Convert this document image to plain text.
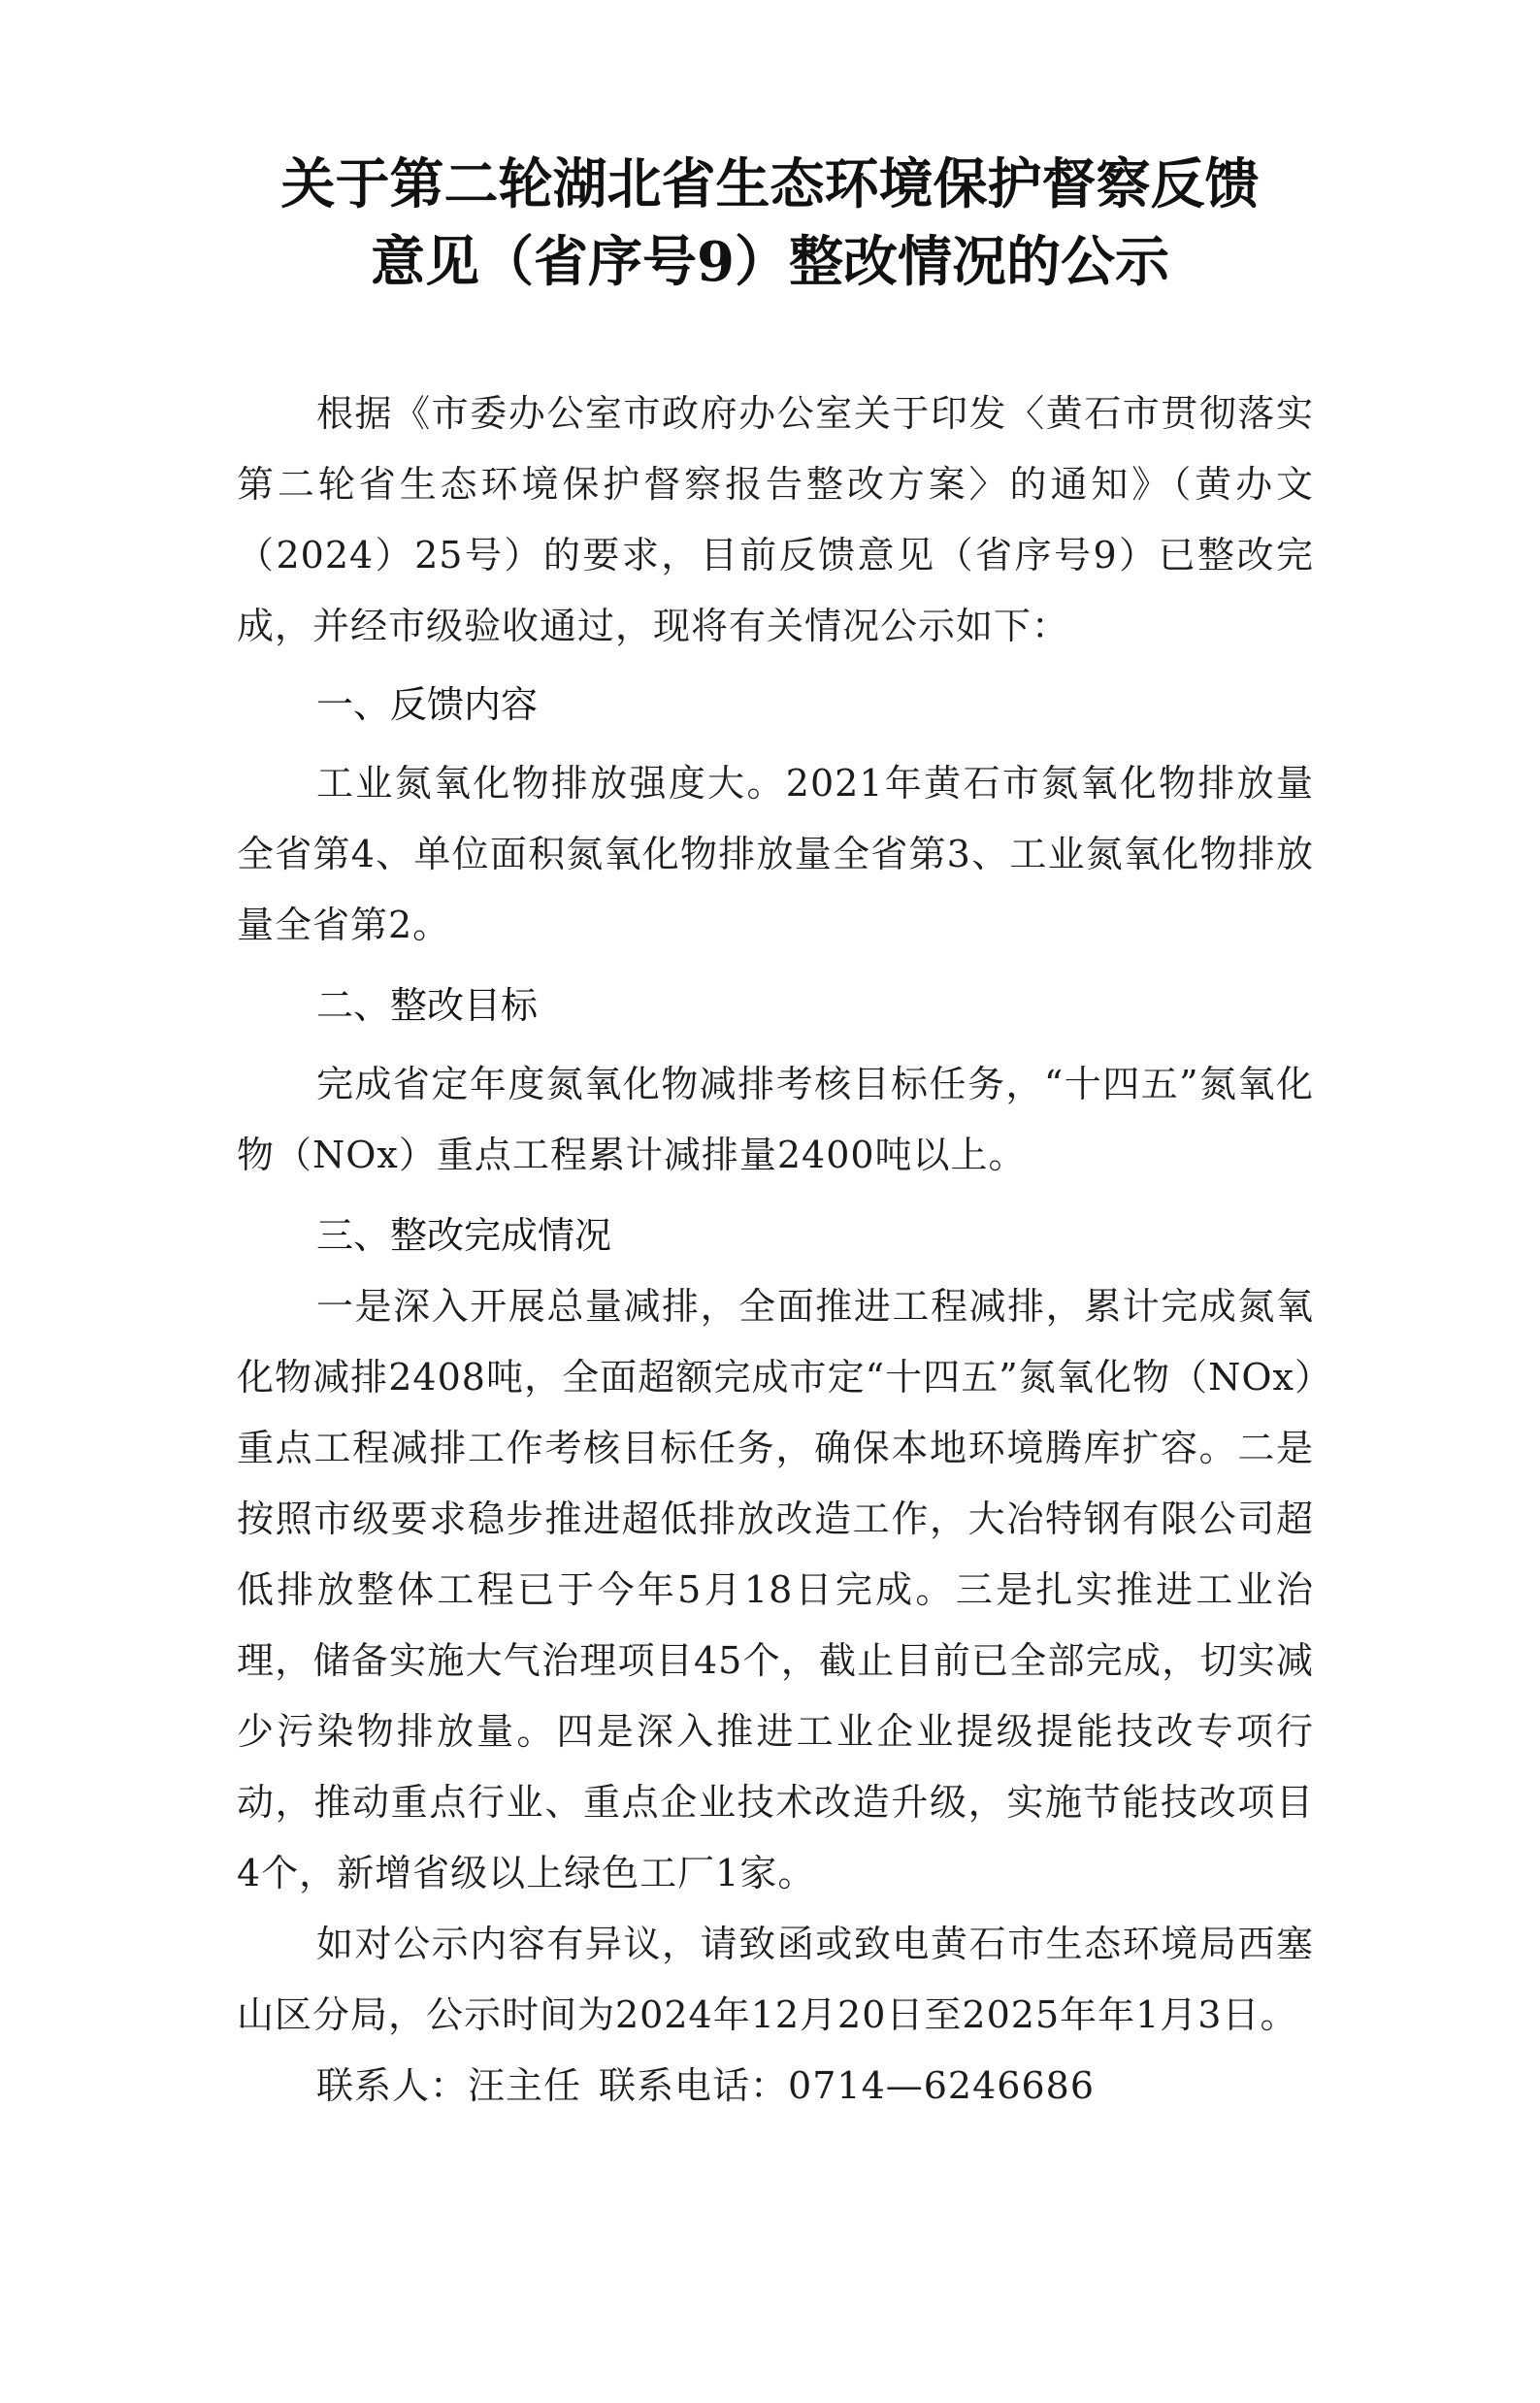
关于第二轮湖北省生态环境保护督察反馈
意见（省序号9）整改情况的公示

根据《市委办公室市政府办公室关于印发〈黄石市贯彻落实第二轮省生态环境保护督察报告整改方案〉的通知》（黄办文（2024）25号）的要求，目前反馈意见（省序号9）已整改完成，并经市级验收通过，现将有关情况公示如下：

一、反馈内容

工业氮氧化物排放强度大。2021年黄石市氮氧化物排放量全省第4、单位面积氮氧化物排放量全省第3、工业氮氧化物排放量全省第2。

二、整改目标

完成省定年度氮氧化物减排考核目标任务，“十四五”氮氧化物（NOx）重点工程累计减排量2400吨以上。

三、整改完成情况

一是深入开展总量减排，全面推进工程减排，累计完成氮氧化物减排2408吨，全面超额完成市定“十四五”氮氧化物（NOx）重点工程减排工作考核目标任务，确保本地环境腾库扩容。二是按照市级要求稳步推进超低排放改造工作，大冶特钢有限公司超低排放整体工程已于今年5月18日完成。三是扎实推进工业治理，储备实施大气治理项目45个，截止目前已全部完成，切实减少污染物排放量。四是深入推进工业企业提级提能技改专项行动，推动重点行业、重点企业技术改造升级，实施节能技改项目4个，新增省级以上绿色工厂1家。

如对公示内容有异议，请致函或致电黄石市生态环境局西塞山区分局，公示时间为2024年12月20日至2025年年1月3日。

联系人：汪主任 联系电话：0714—6246686
